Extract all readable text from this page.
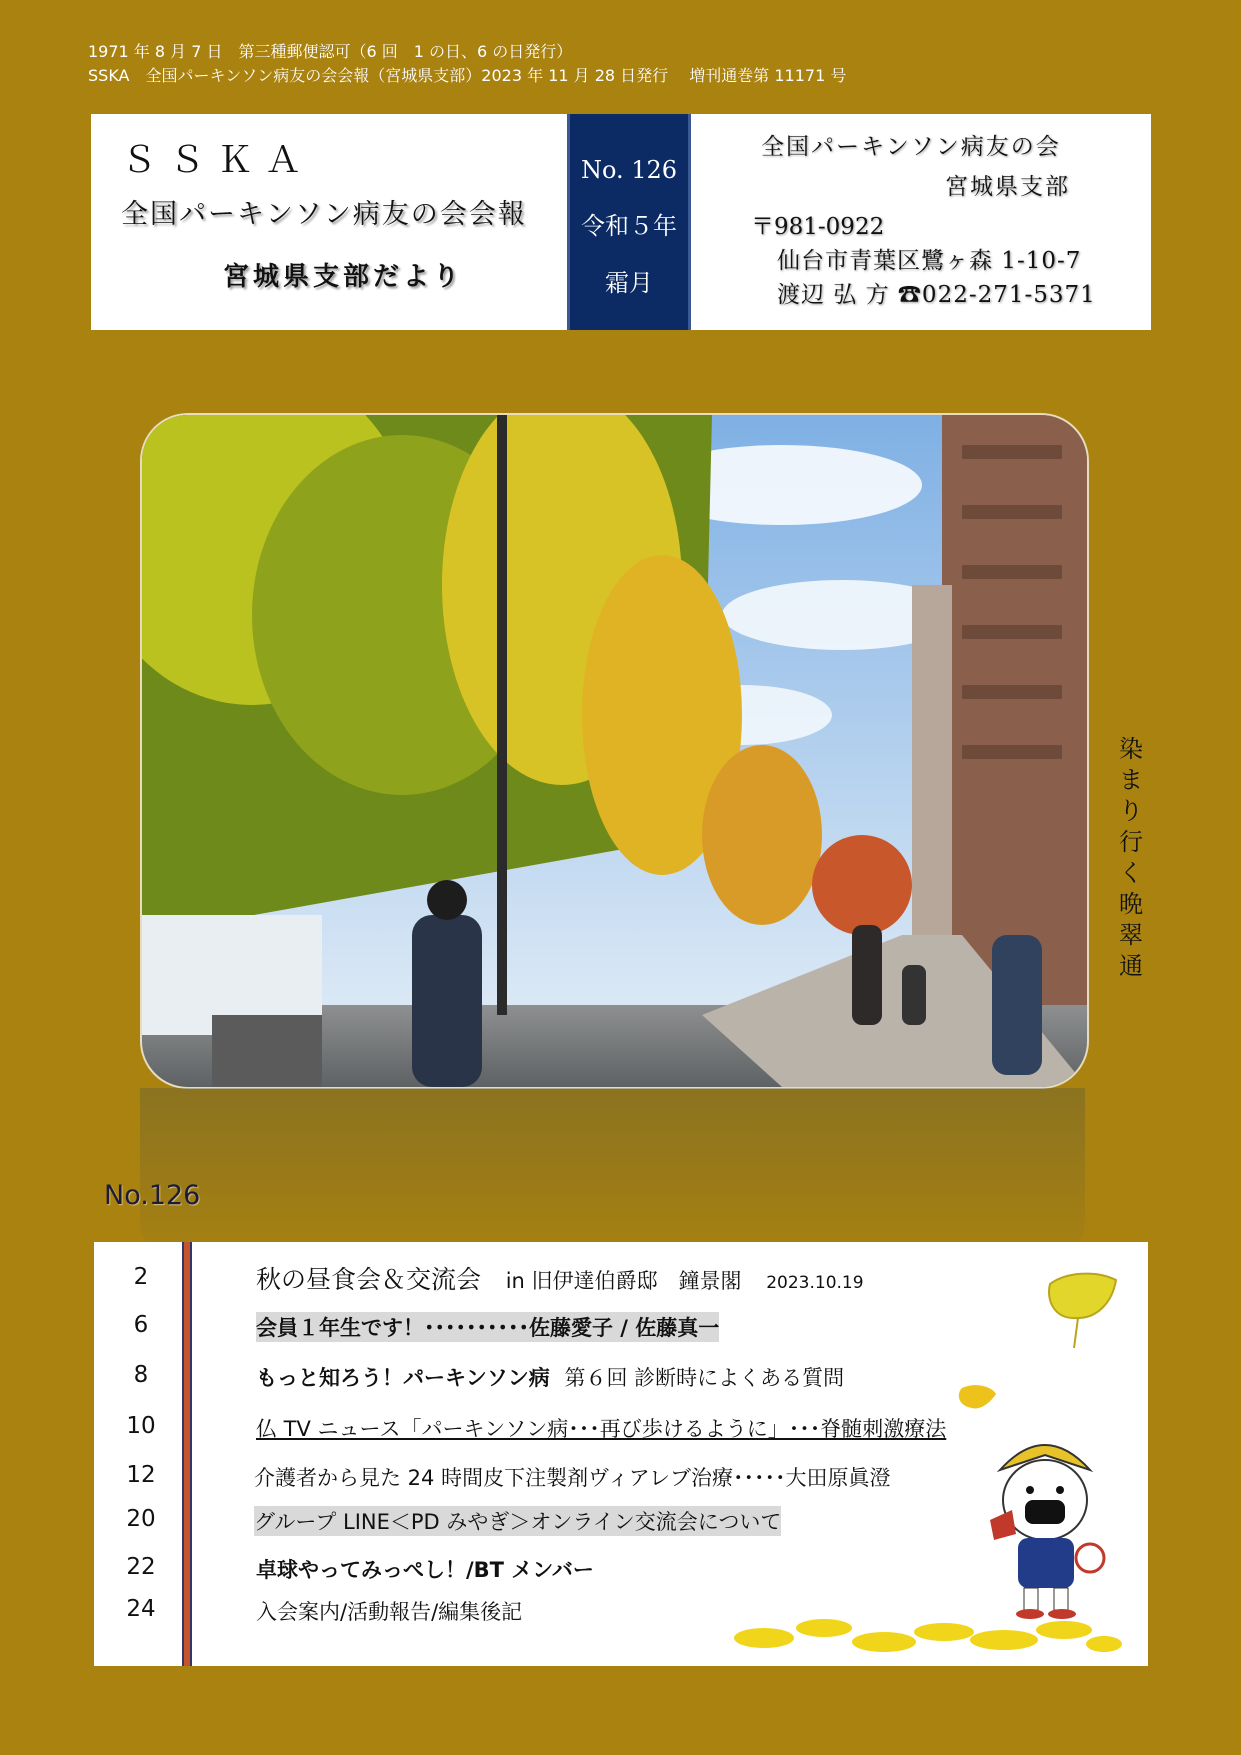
1971 年 8 月 7 日　第三種郵便認可（6 回　1 の日、6 の日発行）
SSKA　全国パーキンソン病友の会会報（宮城県支部）2023 年 11 月 28 日発行　 増刊通巻第 11171 号
ＳＳＫＡ
全国パーキンソン病友の会会報
宮城県支部だより
No. 126
令和５年
霜月
全国パーキンソン病友の会
宮城県支部
〒981-0922
仙台市青葉区鷺ヶ森 1-10-7
渡辺 弘 方 ☎022-271-5371
染まり行く晩翠通
No.126
2	秋の昼食会＆交流会 in 旧伊達伯爵邸　鐘景閣 2023.10.19
6	会員１年生です！･･････････佐藤愛子 / 佐藤真一
8	もっと知ろう！パーキンソン病 第６回 診断時によくある質問
10	仏 TV ニュース「パーキンソン病･･･再び歩けるように」･･･脊髄刺激療法
12	介護者から見た 24 時間皮下注製剤ヴィアレブ治療･････大田原眞澄
20	グループ LINE＜PD みやぎ＞オンライン交流会について
22	卓球やってみっぺし！/BT メンバー
24	入会案内/活動報告/編集後記
